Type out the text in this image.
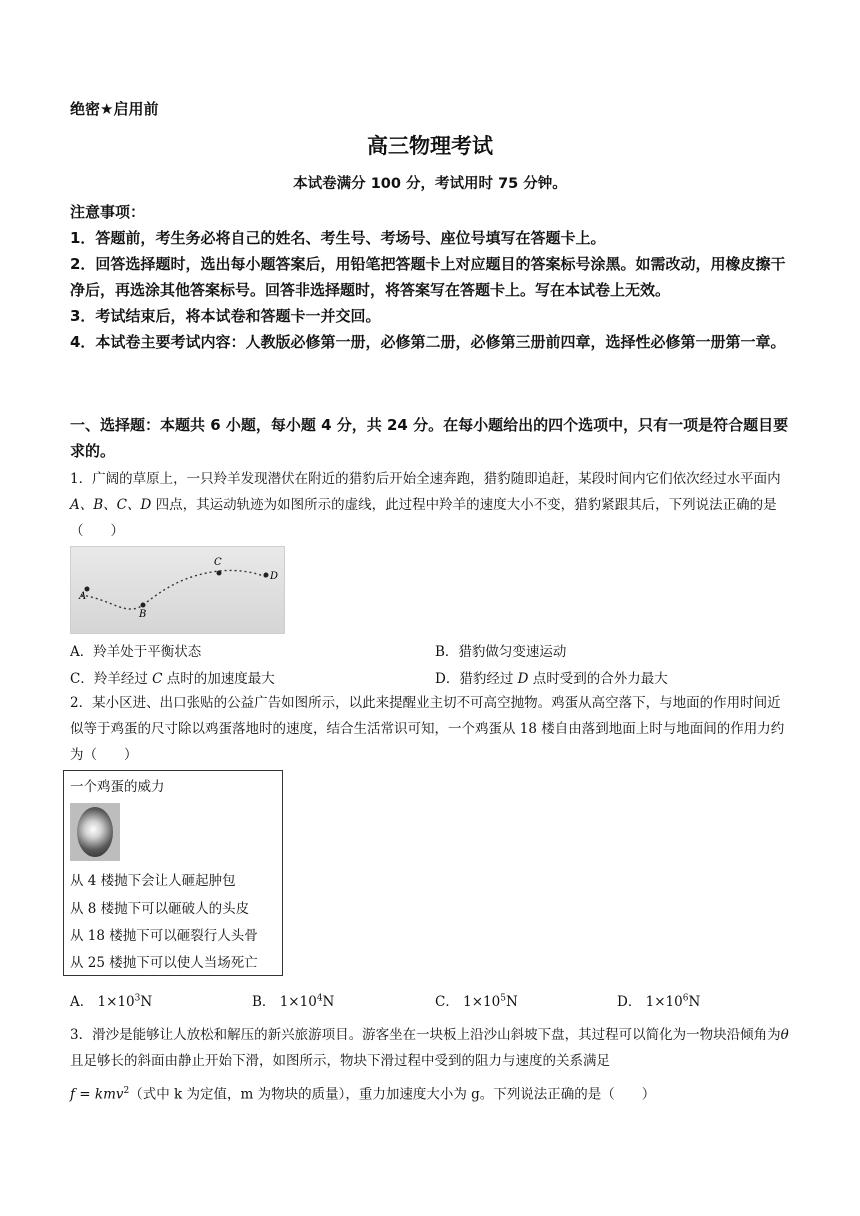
绝密★启用前
高三物理考试
本试卷满分 100 分，考试用时 75 分钟。
注意事项：
1．答题前，考生务必将自己的姓名、考生号、考场号、座位号填写在答题卡上。
2．回答选择题时，选出每小题答案后，用铅笔把答题卡上对应题目的答案标号涂黑。如需改动，用橡皮擦干净后，再选涂其他答案标号。回答非选择题时，将答案写在答题卡上。写在本试卷上无效。
3．考试结束后，将本试卷和答题卡一并交回。
4．本试卷主要考试内容：人教版必修第一册，必修第二册，必修第三册前四章，选择性必修第一册第一章。
一、选择题：本题共 6 小题，每小题 4 分，共 24 分。在每小题给出的四个选项中，只有一项是符合题目要求的。
1．广阔的草原上，一只羚羊发现潜伏在附近的猎豹后开始全速奔跑，猎豹随即追赶，某段时间内它们依次经过水平面内 A、B、C、D 四点，其运动轨迹为如图所示的虚线，此过程中羚羊的速度大小不变，猎豹紧跟其后，下列说法正确的是（　　）
A
B
C
D
A．羚羊处于平衡状态	B．猎豹做匀变速运动
C．羚羊经过 C 点时的加速度最大	D．猎豹经过 D 点时受到的合外力最大
2．某小区进、出口张贴的公益广告如图所示，以此来提醒业主切不可高空抛物。鸡蛋从高空落下，与地面的作用时间近似等于鸡蛋的尺寸除以鸡蛋落地时的速度，结合生活常识可知，一个鸡蛋从 18 楼自由落到地面上时与地面间的作用力约为（　　）
一个鸡蛋的威力
从 4 楼抛下会让人砸起肿包
从 8 楼抛下可以砸破人的头皮
从 18 楼抛下可以砸裂行人头骨
从 25 楼抛下可以使人当场死亡
A． $1\times 10^3N$	B． $1\times 10^4N$	C． $1\times 10^5N$	D． $1\times 10^6N$
3．滑沙是能够让人放松和解压的新兴旅游项目。游客坐在一块板上沿沙山斜坡下盘，其过程可以简化为一物块沿倾角为θ且足够长的斜面由静止开始下滑，如图所示，物块下滑过程中受到的阻力与速度的关系满足
f = kmv$^2$（式中 k 为定值，m 为物块的质量），重力加速度大小为 g。下列说法正确的是（　　）
